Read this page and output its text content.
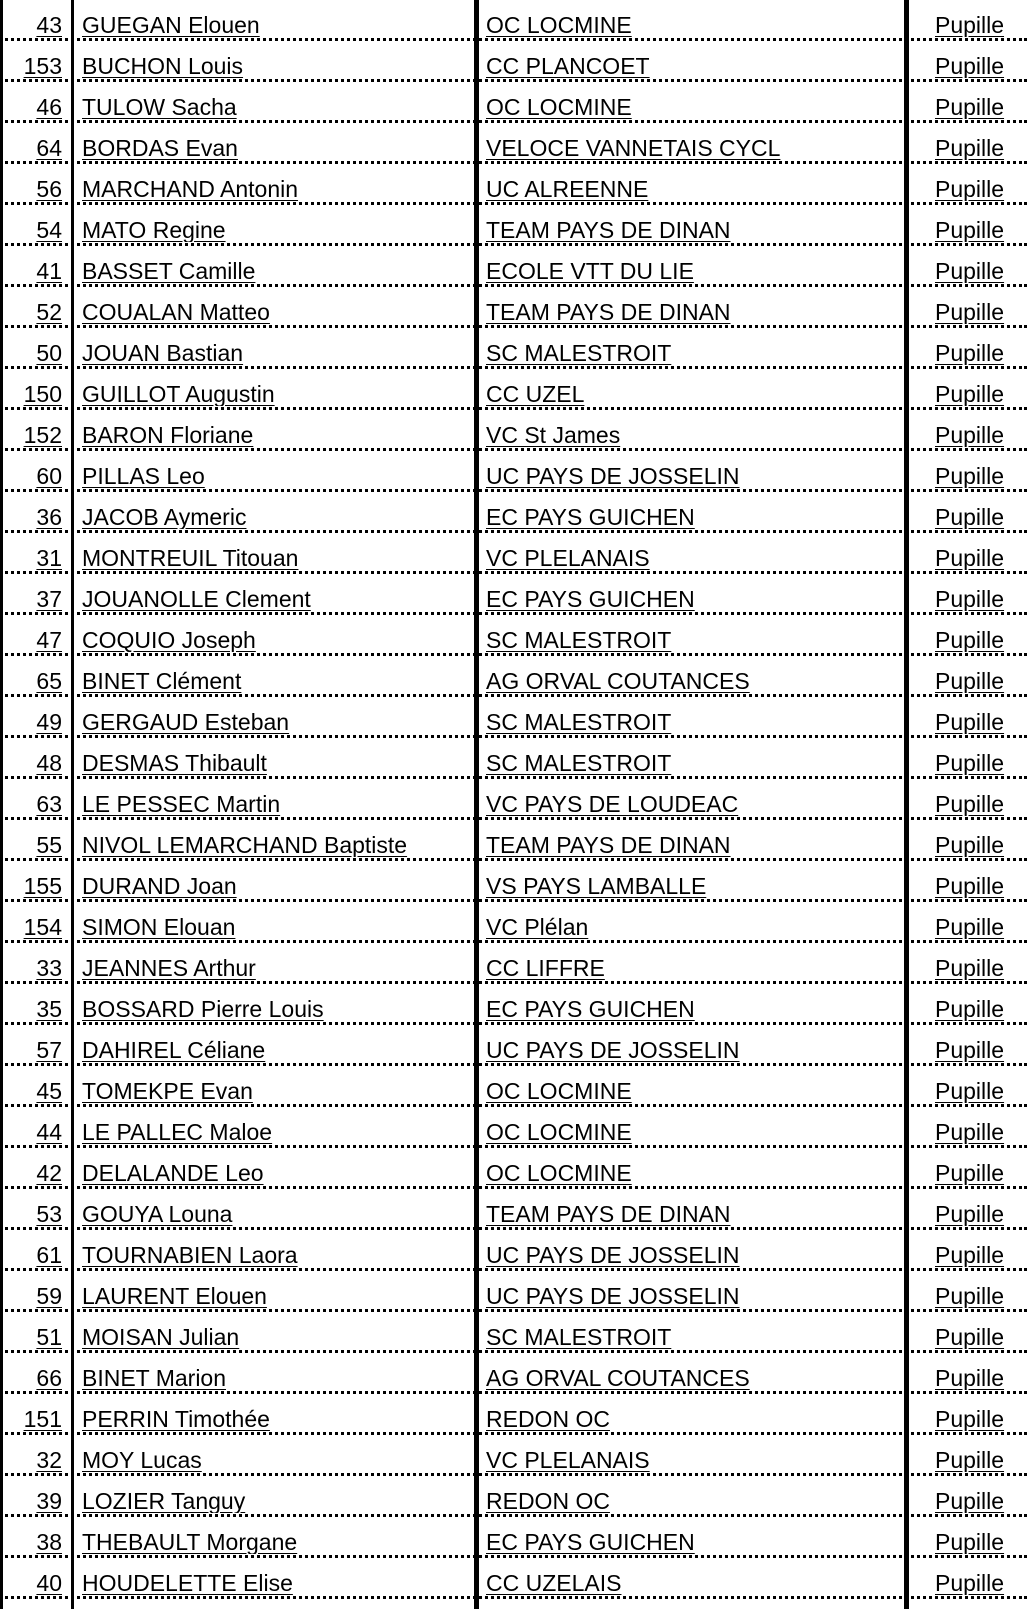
43 GUEGAN Elouen	OC LOCMINE	Pupille
153 BUCHON Louis	CC PLANCOET	Pupille
46 TULOW Sacha	OC LOCMINE	Pupille
64 BORDAS Evan	VELOCE VANNETAIS CYCL	Pupille
56 MARCHAND Antonin	UC ALREENNE	Pupille
54 MATO Regine	TEAM PAYS DE DINAN	Pupille
41 BASSET Camille	ECOLE VTT DU LIE	Pupille
52 COUALAN Matteo	TEAM PAYS DE DINAN	Pupille
50 JOUAN Bastian	SC MALESTROIT	Pupille
150 GUILLOT Augustin	CC UZEL	Pupille
152 BARON Floriane	VC St James	Pupille
60 PILLAS Leo	UC PAYS DE JOSSELIN	Pupille
36 JACOB Aymeric	EC PAYS GUICHEN	Pupille
31 MONTREUIL Titouan	VC PLELANAIS	Pupille
37 JOUANOLLE Clement	EC PAYS GUICHEN	Pupille
47 COQUIO Joseph	SC MALESTROIT	Pupille
65 BINET Clément	AG ORVAL COUTANCES	Pupille
49 GERGAUD Esteban	SC MALESTROIT	Pupille
48 DESMAS Thibault	SC MALESTROIT	Pupille
63 LE PESSEC Martin	VC PAYS DE LOUDEAC	Pupille
55 NIVOL LEMARCHAND Baptiste	TEAM PAYS DE DINAN	Pupille
155 DURAND Joan	VS PAYS LAMBALLE	Pupille
154 SIMON Elouan	VC Plélan	Pupille
33 JEANNES Arthur	CC LIFFRE	Pupille
35 BOSSARD Pierre Louis	EC PAYS GUICHEN	Pupille
57 DAHIREL Céliane	UC PAYS DE JOSSELIN	Pupille
45 TOMEKPE Evan	OC LOCMINE	Pupille
44 LE PALLEC Maloe	OC LOCMINE	Pupille
42 DELALANDE Leo	OC LOCMINE	Pupille
53 GOUYA Louna	TEAM PAYS DE DINAN	Pupille
61 TOURNABIEN Laora	UC PAYS DE JOSSELIN	Pupille
59 LAURENT Elouen	UC PAYS DE JOSSELIN	Pupille
51 MOISAN Julian	SC MALESTROIT	Pupille
66 BINET Marion	AG ORVAL COUTANCES	Pupille
151 PERRIN Timothée	REDON OC	Pupille
32 MOY Lucas	VC PLELANAIS	Pupille
39 LOZIER Tanguy	REDON OC	Pupille
38 THEBAULT Morgane	EC PAYS GUICHEN	Pupille
40 HOUDELETTE Elise	CC UZELAIS	Pupille
